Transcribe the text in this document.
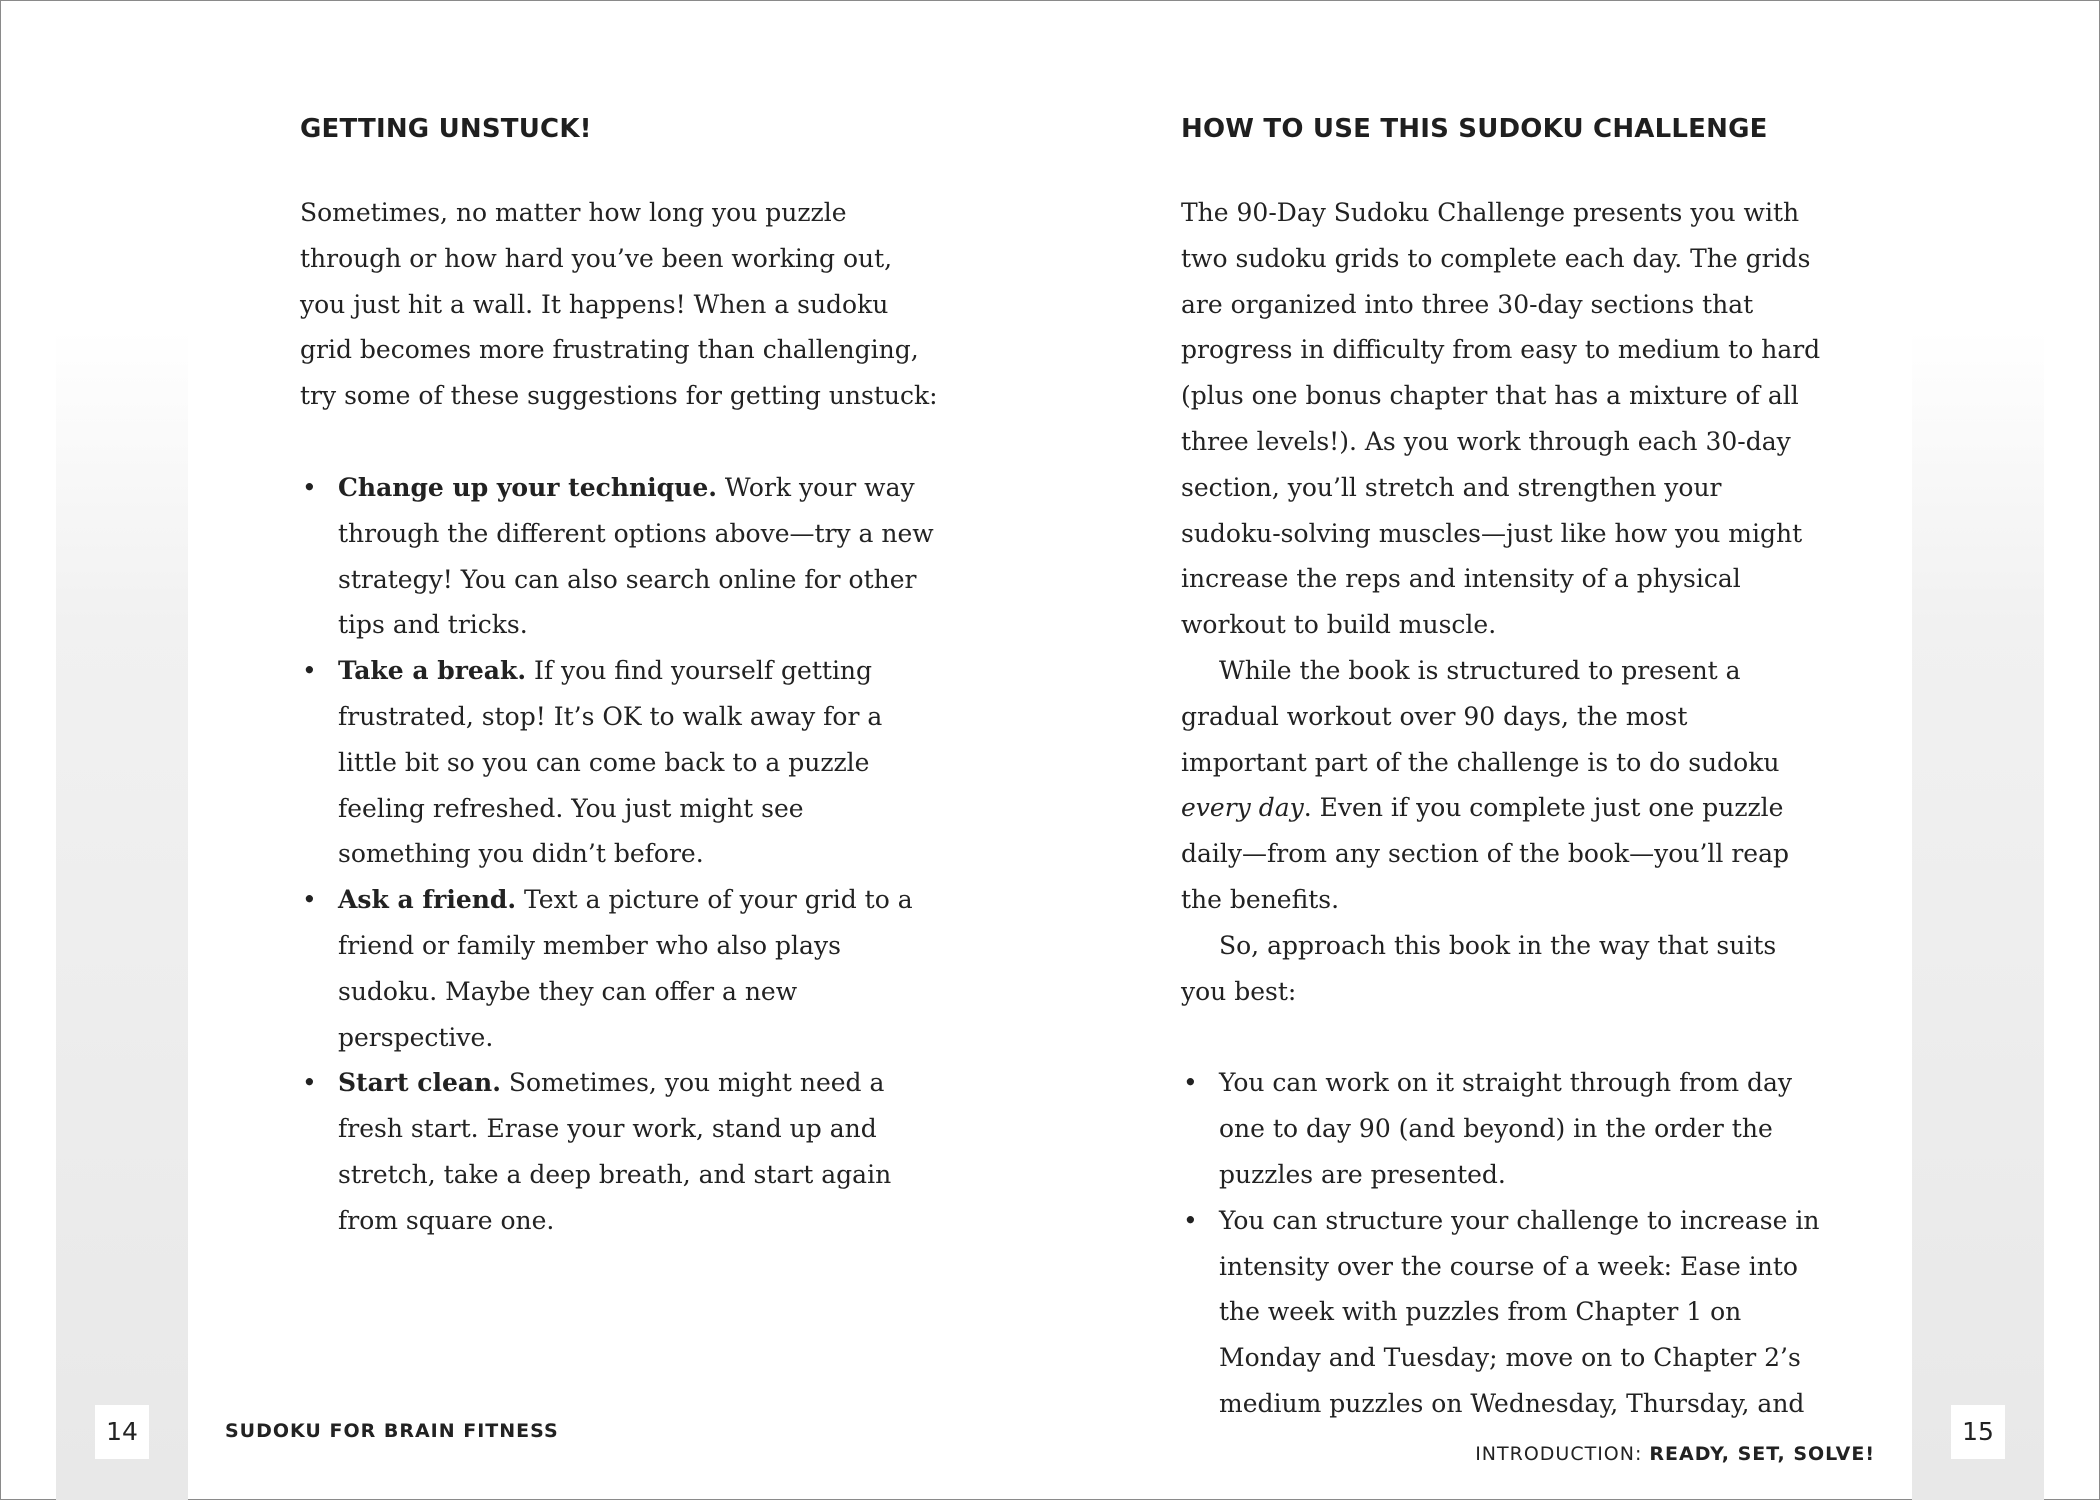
GETTING UNSTUCK!

Sometimes, no matter how long you puzzle through or how hard you’ve been working out, you just hit a wall. It happens! When a sudoku grid becomes more frustrating than challenging, try some of these suggestions for getting unstuck:

• Change up your technique. Work your way through the different options above—try a new strategy! You can also search online for other tips and tricks.
• Take a break. If you find yourself getting frustrated, stop! It’s OK to walk away for a little bit so you can come back to a puzzle feeling refreshed. You just might see something you didn’t before.
• Ask a friend. Text a picture of your grid to a friend or family member who also plays sudoku. Maybe they can offer a new perspective.
• Start clean. Sometimes, you might need a fresh start. Erase your work, stand up and stretch, take a deep breath, and start again from square one.
HOW TO USE THIS SUDOKU CHALLENGE

The 90-Day Sudoku Challenge presents you with two sudoku grids to complete each day. The grids are organized into three 30-day sections that progress in difficulty from easy to medium to hard (plus one bonus chapter that has a mixture of all three levels!). As you work through each 30-day section, you’ll stretch and strengthen your sudoku-solving muscles—just like how you might increase the reps and intensity of a physical workout to build muscle.

While the book is structured to present a gradual workout over 90 days, the most important part of the challenge is to do sudoku every day. Even if you complete just one puzzle daily—from any section of the book—you’ll reap the benefits.

So, approach this book in the way that suits you best:

• You can work on it straight through from day one to day 90 (and beyond) in the order the puzzles are presented.
• You can structure your challenge to increase in intensity over the course of a week: Ease into the week with puzzles from Chapter 1 on Monday and Tuesday; move on to Chapter 2’s medium puzzles on Wednesday, Thursday, and
14	SUDOKU FOR BRAIN FITNESS
INTRODUCTION: READY, SET, SOLVE!
15
